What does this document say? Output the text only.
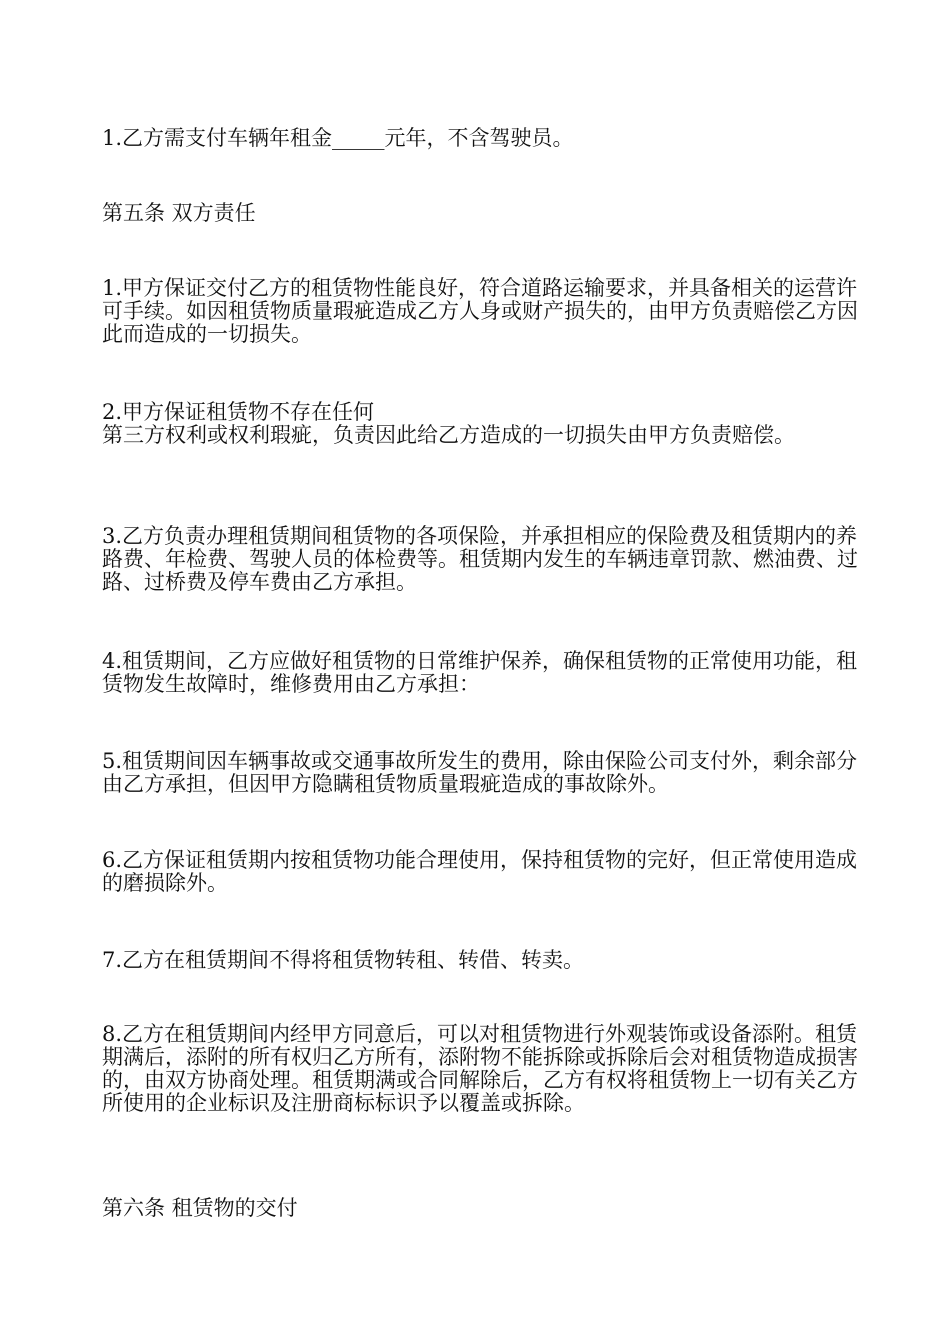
1.乙方需支付车辆年租金_____元年，不含驾驶员。

第五条 双方责任

1.甲方保证交付乙方的租赁物性能良好，符合道路运输要求，并具备相关的运营许可手续。如因租赁物质量瑕疵造成乙方人身或财产损失的，由甲方负责赔偿乙方因此而造成的一切损失。

2.甲方保证租赁物不存在任何
第三方权利或权利瑕疵，负责因此给乙方造成的一切损失由甲方负责赔偿。

3.乙方负责办理租赁期间租赁物的各项保险，并承担相应的保险费及租赁期内的养路费、年检费、驾驶人员的体检费等。租赁期内发生的车辆违章罚款、燃油费、过路、过桥费及停车费由乙方承担。

4.租赁期间，乙方应做好租赁物的日常维护保养，确保租赁物的正常使用功能，租赁物发生故障时，维修费用由乙方承担：

5.租赁期间因车辆事故或交通事故所发生的费用，除由保险公司支付外，剩余部分由乙方承担，但因甲方隐瞒租赁物质量瑕疵造成的事故除外。

6.乙方保证租赁期内按租赁物功能合理使用，保持租赁物的完好，但正常使用造成的磨损除外。

7.乙方在租赁期间不得将租赁物转租、转借、转卖。

8.乙方在租赁期间内经甲方同意后，可以对租赁物进行外观装饰或设备添附。租赁期满后，添附的所有权归乙方所有，添附物不能拆除或拆除后会对租赁物造成损害的，由双方协商处理。租赁期满或合同解除后，乙方有权将租赁物上一切有关乙方所使用的企业标识及注册商标标识予以覆盖或拆除。

第六条 租赁物的交付
